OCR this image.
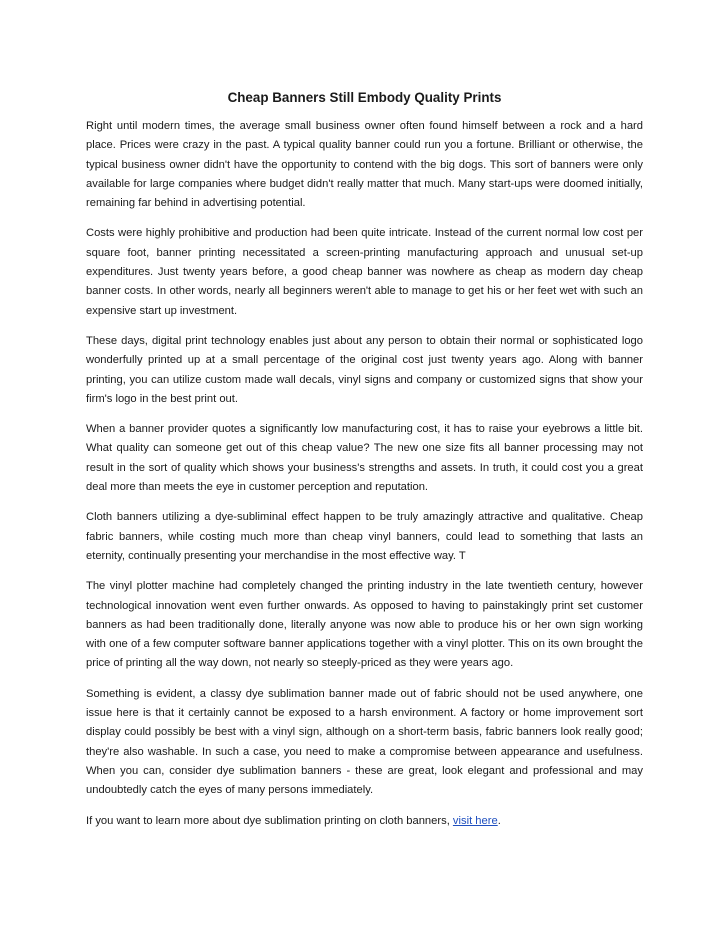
Cheap Banners Still Embody Quality Prints

Right until modern times, the average small business owner often found himself between a rock and a hard place. Prices were crazy in the past. A typical quality banner could run you a fortune. Brilliant or otherwise, the typical business owner didn't have the opportunity to contend with the big dogs. This sort of banners were only available for large companies where budget didn't really matter that much. Many start-ups were doomed initially, remaining far behind in advertising potential.

Costs were highly prohibitive and production had been quite intricate. Instead of the current normal low cost per square foot, banner printing necessitated a screen-printing manufacturing approach and unusual set-up expenditures. Just twenty years before, a good cheap banner was nowhere as cheap as modern day cheap banner costs. In other words, nearly all beginners weren't able to manage to get his or her feet wet with such an expensive start up investment.

These days, digital print technology enables just about any person to obtain their normal or sophisticated logo wonderfully printed up at a small percentage of the original cost just twenty years ago. Along with banner printing, you can utilize custom made wall decals, vinyl signs and company or customized signs that show your firm's logo in the best print out.

When a banner provider quotes a significantly low manufacturing cost, it has to raise your eyebrows a little bit. What quality can someone get out of this cheap value? The new one size fits all banner processing may not result in the sort of quality which shows your business's strengths and assets. In truth, it could cost you a great deal more than meets the eye in customer perception and reputation.

Cloth banners utilizing a dye-subliminal effect happen to be truly amazingly attractive and qualitative. Cheap fabric banners, while costing much more than cheap vinyl banners, could lead to something that lasts an eternity, continually presenting your merchandise in the most effective way. T

The vinyl plotter machine had completely changed the printing industry in the late twentieth century, however technological innovation went even further onwards. As opposed to having to painstakingly print set customer banners as had been traditionally done, literally anyone was now able to produce his or her own sign working with one of a few computer software banner applications together with a vinyl plotter. This on its own brought the price of printing all the way down, not nearly so steeply-priced as they were years ago.

Something is evident, a classy dye sublimation banner made out of fabric should not be used anywhere, one issue here is that it certainly cannot be exposed to a harsh environment. A factory or home improvement sort display could possibly be best with a vinyl sign, although on a short-term basis, fabric banners look really good; they're also washable. In such a case, you need to make a compromise between appearance and usefulness. When you can, consider dye sublimation banners - these are great, look elegant and professional and may undoubtedly catch the eyes of many persons immediately.

If you want to learn more about dye sublimation printing on cloth banners, visit here.
